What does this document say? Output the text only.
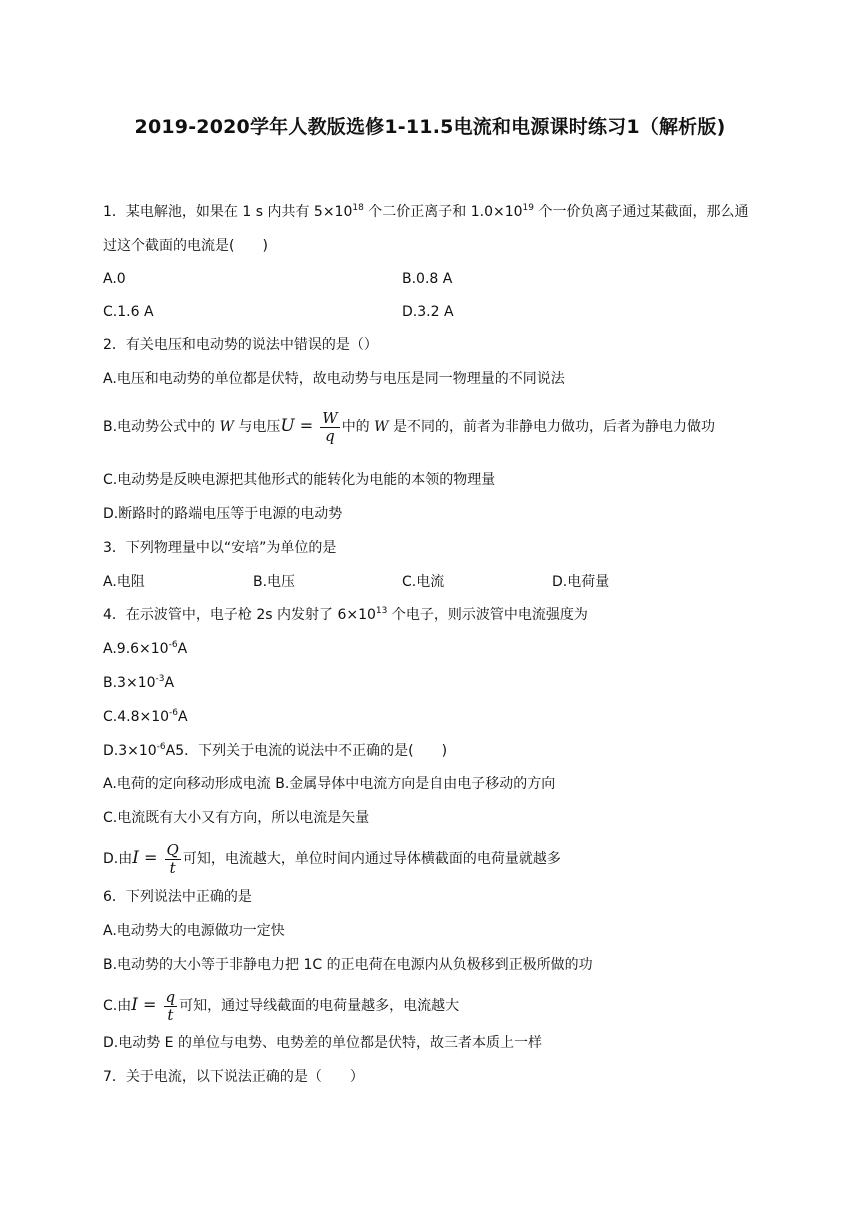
2019-2020学年人教版选修1-11.5电流和电源课时练习1（解析版)
1．某电解池，如果在 1 s 内共有 $5\times 10^{18}$ 个二价正离子和 $1.0\times 10^{19}$ 个一价负离子通过某截面，那么通
过这个截面的电流是(　　)
A.0	B.0.8 A
C.1.6 A	D.3.2 A
2．有关电压和电动势的说法中错误的是（）
A.电压和电动势的单位都是伏特，故电动势与电压是同一物理量的不同说法
B.电动势公式中的 W 与电压$U = \frac{W}{q}$ 中的 W 是不同的，前者为非静电力做功，后者为静电力做功
C.电动势是反映电源把其他形式的能转化为电能的本领的物理量
D.断路时的路端电压等于电源的电动势
3．下列物理量中以“安培”为单位的是
A.电阻	B.电压	C.电流	D.电荷量
4．在示波管中，电子枪 2s 内发射了 $6\times 10^{13}$ 个电子，则示波管中电流强度为
$A.9.6\times 10^{-6}A$
$B.3\times 10^{-3}A$
$C.4.8\times 10^{-6}A$
$D.3\times 10^{-6}A5$．下列关于电流的说法中不正确的是(　　)
A.电荷的定向移动形成电流 B.金属导体中电流方向是自由电子移动的方向
C.电流既有大小又有方向，所以电流是矢量
D.由$I = \frac{Q}{t}$ 可知，电流越大，单位时间内通过导体横截面的电荷量就越多
6．下列说法中正确的是
A.电动势大的电源做功一定快
B.电动势的大小等于非静电力把 1C 的正电荷在电源内从负极移到正极所做的功
C.由$I = \frac{q}{t}$ 可知，通过导线截面的电荷量越多，电流越大
D.电动势 E 的单位与电势、电势差的单位都是伏特，故三者本质上一样
7．关于电流，以下说法正确的是（　　）
